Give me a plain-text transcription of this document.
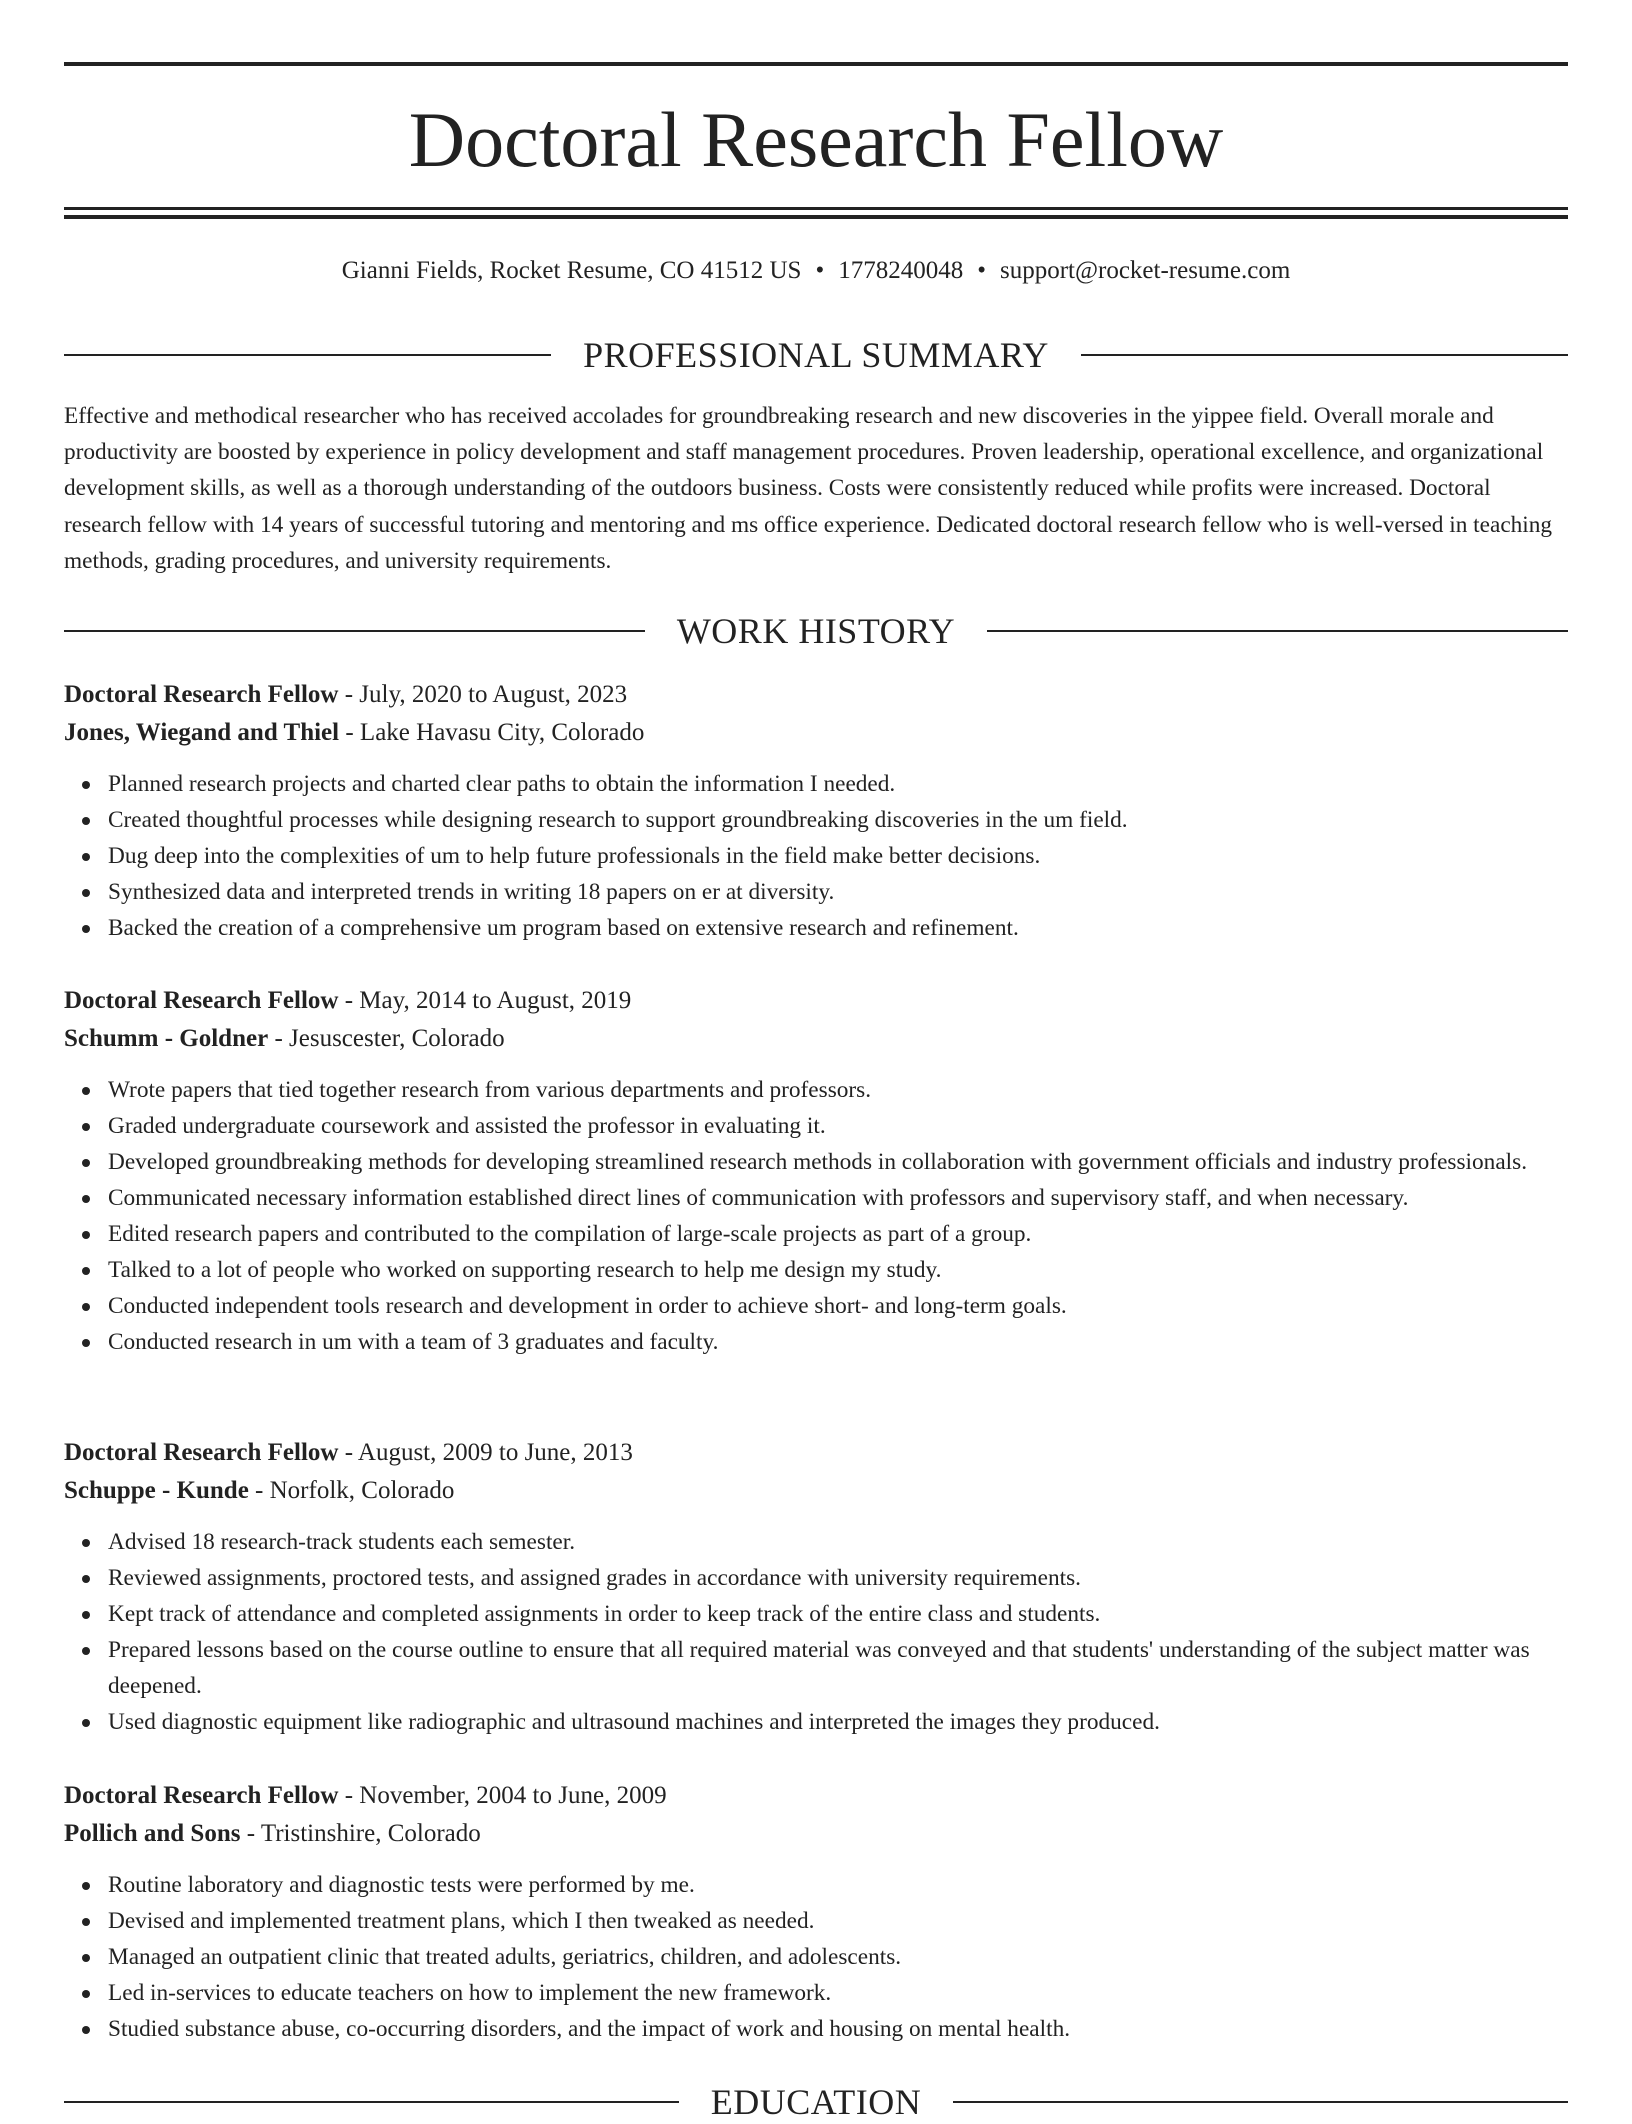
Doctoral Research Fellow
Gianni Fields, Rocket Resume, CO 41512 US • 1778240048 • support@rocket-resume.com
PROFESSIONAL SUMMARY

Effective and methodical researcher who has received accolades for groundbreaking research and new discoveries in the yippee field. Overall morale and productivity are boosted by experience in policy development and staff management procedures. Proven leadership, operational excellence, and organizational development skills, as well as a thorough understanding of the outdoors business. Costs were consistently reduced while profits were increased. Doctoral research fellow with 14 years of successful tutoring and mentoring and ms office experience. Dedicated doctoral research fellow who is well-versed in teaching methods, grading procedures, and university requirements.

WORK HISTORY
Doctoral Research Fellow - July, 2020 to August, 2023
Jones, Wiegand and Thiel - Lake Havasu City, Colorado
Planned research projects and charted clear paths to obtain the information I needed.
Created thoughtful processes while designing research to support groundbreaking discoveries in the um field.
Dug deep into the complexities of um to help future professionals in the field make better decisions.
Synthesized data and interpreted trends in writing 18 papers on er at diversity.
Backed the creation of a comprehensive um program based on extensive research and refinement.
Doctoral Research Fellow - May, 2014 to August, 2019
Schumm - Goldner - Jesuscester, Colorado
Wrote papers that tied together research from various departments and professors.
Graded undergraduate coursework and assisted the professor in evaluating it.
Developed groundbreaking methods for developing streamlined research methods in collaboration with government officials and industry professionals.
Communicated necessary information established direct lines of communication with professors and supervisory staff, and when necessary.
Edited research papers and contributed to the compilation of large-scale projects as part of a group.
Talked to a lot of people who worked on supporting research to help me design my study.
Conducted independent tools research and development in order to achieve short- and long-term goals.
Conducted research in um with a team of 3 graduates and faculty.
Doctoral Research Fellow - August, 2009 to June, 2013
Schuppe - Kunde - Norfolk, Colorado
Advised 18 research-track students each semester.
Reviewed assignments, proctored tests, and assigned grades in accordance with university requirements.
Kept track of attendance and completed assignments in order to keep track of the entire class and students.
Prepared lessons based on the course outline to ensure that all required material was conveyed and that students' understanding of the subject matter was deepened.
Used diagnostic equipment like radiographic and ultrasound machines and interpreted the images they produced.
Doctoral Research Fellow - November, 2004 to June, 2009
Pollich and Sons - Tristinshire, Colorado
Routine laboratory and diagnostic tests were performed by me.
Devised and implemented treatment plans, which I then tweaked as needed.
Managed an outpatient clinic that treated adults, geriatrics, children, and adolescents.
Led in-services to educate teachers on how to implement the new framework.
Studied substance abuse, co-occurring disorders, and the impact of work and housing on mental health.
EDUCATION
